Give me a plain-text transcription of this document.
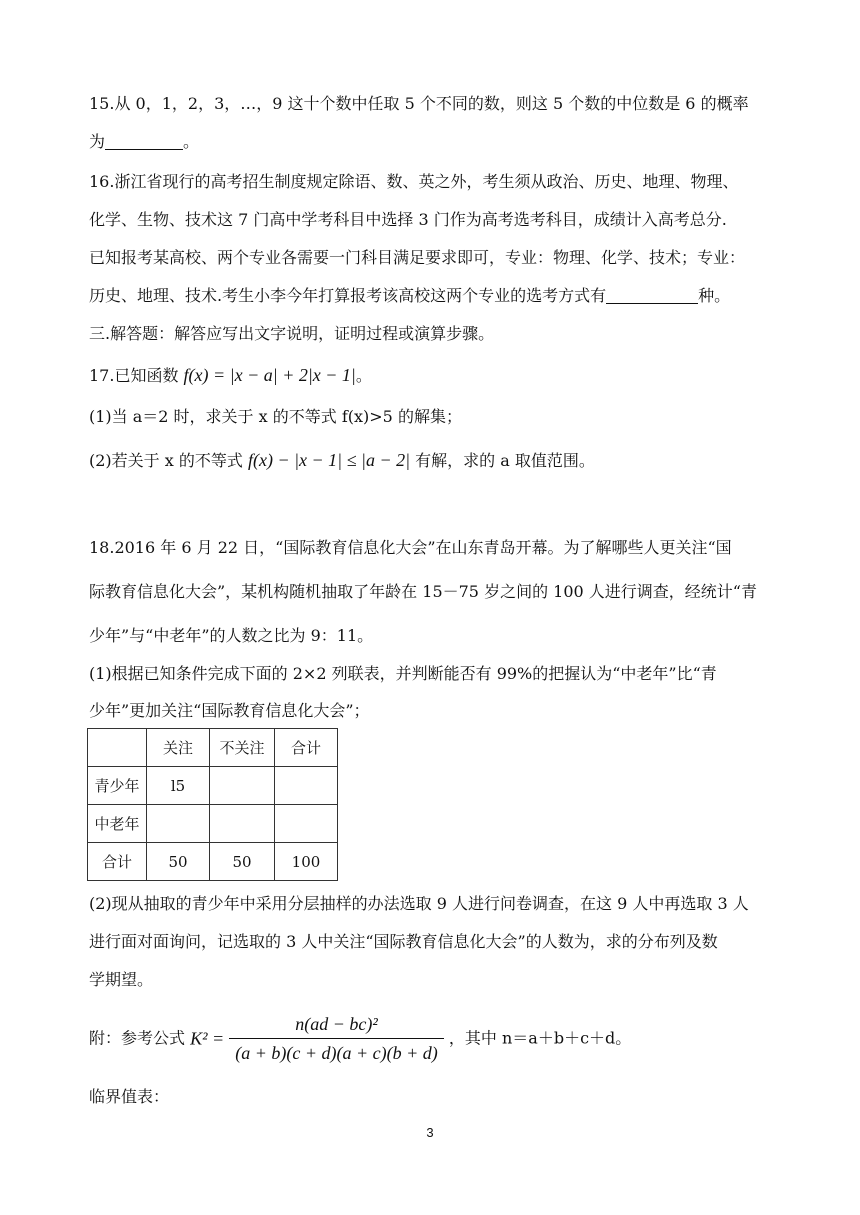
15.从 0，1，2，3，…，9 这十个数中任取 5 个不同的数，则这 5 个数的中位数是 6 的概率
为	。
16.浙江省现行的高考招生制度规定除语、数、英之外，考生须从政治、历史、地理、物理、
化学、生物、技术这 7 门高中学考科目中选择 3 门作为高考选考科目，成绩计入高考总分.
已知报考某高校、两个专业各需要一门科目满足要求即可，专业：物理、化学、技术；专业：
历史、地理、技术.考生小李今年打算报考该高校这两个专业的选考方式有	种。
三.解答题：解答应写出文字说明，证明过程或演算步骤。
17.已知函数 f(x) = |x − a| + 2|x − 1|。
(1)当 a＝2 时，求关于 x 的不等式 f(x)>5 的解集；
(2)若关于 x 的不等式 f(x) − |x − 1| ≤ |a − 2| 有解，求的 a 取值范围。
18.2016 年 6 月 22 日，“国际教育信息化大会”在山东青岛开幕。为了解哪些人更关注“国
际教育信息化大会”，某机构随机抽取了年龄在 15－75 岁之间的 100 人进行调查，经统计“青
少年”与“中老年”的人数之比为 9：11。
(1)根据已知条件完成下面的 2×2 列联表，并判断能否有 99%的把握认为“中老年”比“青
少年”更加关注“国际教育信息化大会”；
	关注	不关注	合计
青少年	l5		
中老年			
合计	50	50	100
(2)现从抽取的青少年中采用分层抽样的办法选取 9 人进行问卷调查，在这 9 人中再选取 3 人
进行面对面询问，记选取的 3 人中关注“国际教育信息化大会”的人数为，求的分布列及数
学期望。
附：参考公式 $K^2 = \frac{\text{n(ad − bc)²}}{(a + b)(c + d)(a + c)(b + d)}$ ，其中 n＝a＋b＋c＋d。
临界值表：
3
